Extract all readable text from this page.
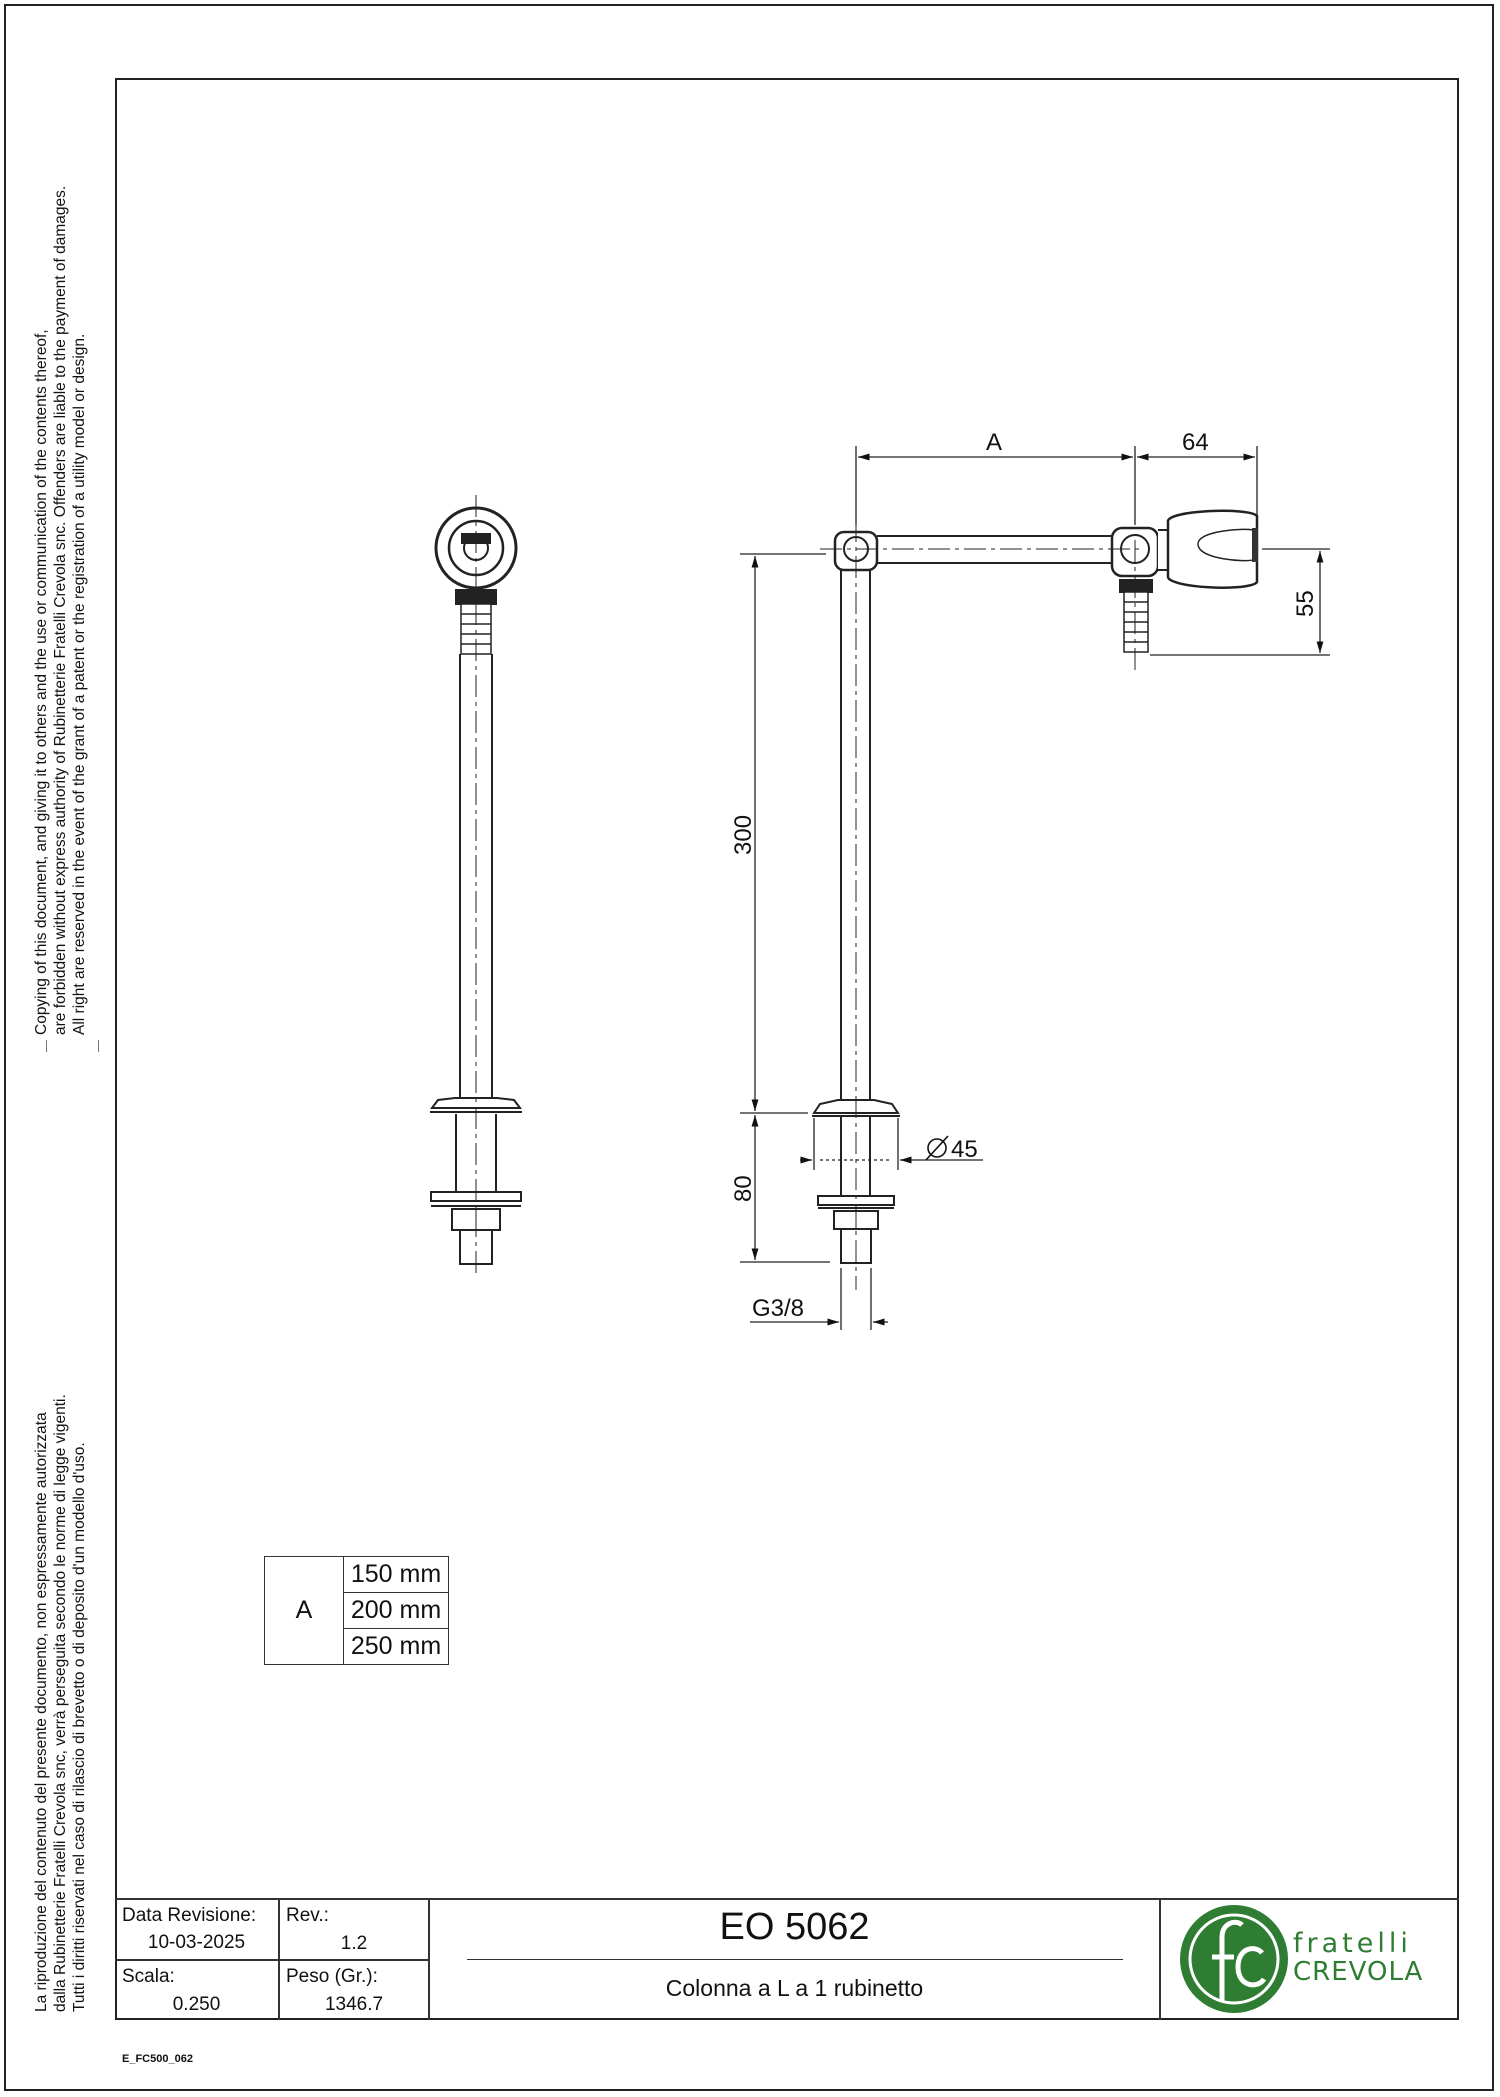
Copying of this document, and giving it to others and the use or communication of the contents thereof, are forbidden without express authority of Rubinetterie Fratelli Crevola snc. Offenders are liable to the payment of damages. All right are reserved in the event of the grant of a patent or the registration of a utility model or design.
La riproduzione del contenuto del presente documento, non espressamente autorizzata dalla Rubinetterie Fratelli Crevola snc, verrà perseguita secondo le norme di legge vigenti. Tutti i diritti riservati nel caso di rilascio di brevetto o di deposito d'un modello d'uso.
A	64
55
300
80
45
G3/8
A	150 mm
200 mm
250 mm
Data Revisione:
10-03-2025
Rev.:
1.2
Scala:
0.250
Peso (Gr.):
1346.7
EO 5062
Colonna a L a 1 rubinetto
fratelli
CREVOLA
E_FC500_062
